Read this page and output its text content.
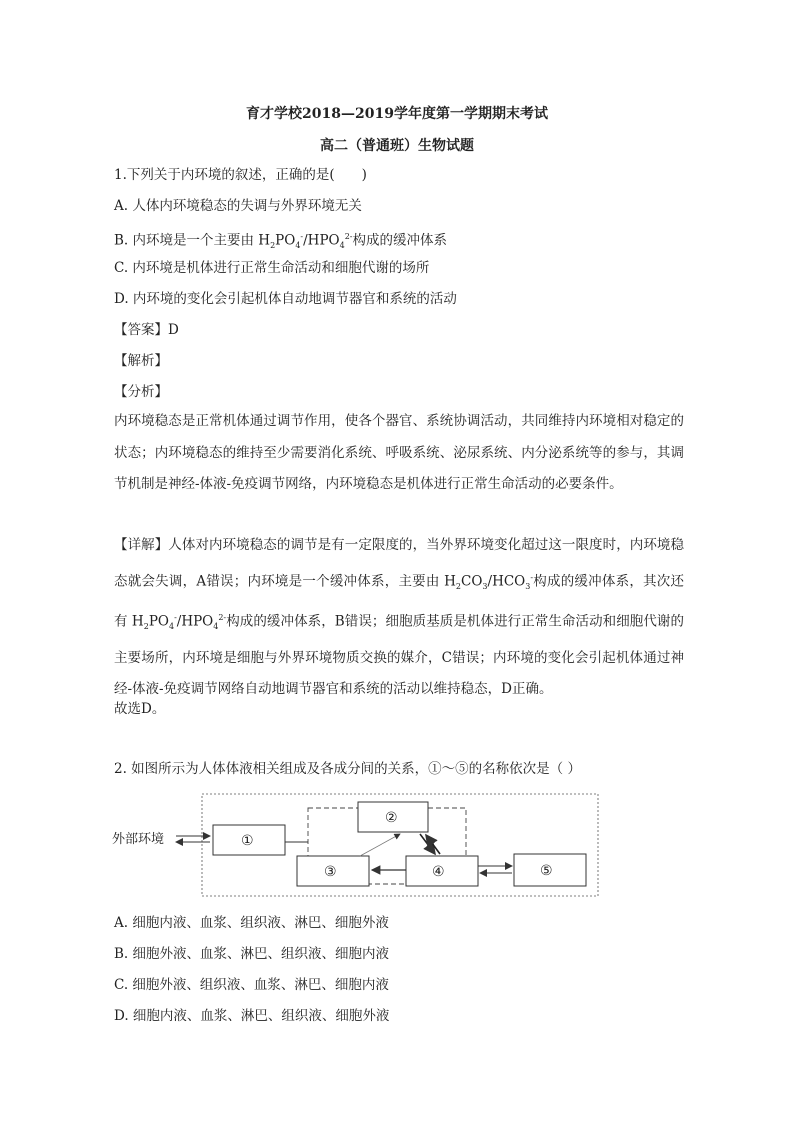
育才学校2018—2019学年度第一学期期末考试
高二（普通班）生物试题
1.下列关于内环境的叙述，正确的是(　　)
A. 人体内环境稳态的失调与外界环境无关
B. 内环境是一个主要由 $H_2PO_4^-/HPO_4^{2-}$构成的缓冲体系
C. 内环境是机体进行正常生命活动和细胞代谢的场所
D. 内环境的变化会引起机体自动地调节器官和系统的活动
【答案】D
【解析】
【分析】
内环境稳态是正常机体通过调节作用，使各个器官、系统协调活动，共同维持内环境相对稳定的状态；内环境稳态的维持至少需要消化系统、呼吸系统、泌尿系统、内分泌系统等的参与，其调节机制是神经-体液-免疫调节网络，内环境稳态是机体进行正常生命活动的必要条件。
【详解】人体对内环境稳态的调节是有一定限度的，当外界环境变化超过这一限度时，内环境稳态就会失调，A错误；内环境是一个缓冲体系，主要由 $H_2CO_3/HCO_3^-$构成的缓冲体系，其次还有 $H_2PO_4^-/HPO_4^{2-}$构成的缓冲体系，B错误；细胞质基质是机体进行正常生命活动和细胞代谢的主要场所，内环境是细胞与外界环境物质交换的媒介，C错误；内环境的变化会引起机体通过神经-体液-免疫调节网络自动地调节器官和系统的活动以维持稳态，D正确。
故选D。
2. 如图所示为人体体液相关组成及各成分间的关系，①～⑤的名称依次是（ ）
外部环境	①
②
③	④	⑤
A. 细胞内液、血浆、组织液、淋巴、细胞外液
B. 细胞外液、血浆、淋巴、组织液、细胞内液
C. 细胞外液、组织液、血浆、淋巴、细胞内液
D. 细胞内液、血浆、淋巴、组织液、细胞外液
